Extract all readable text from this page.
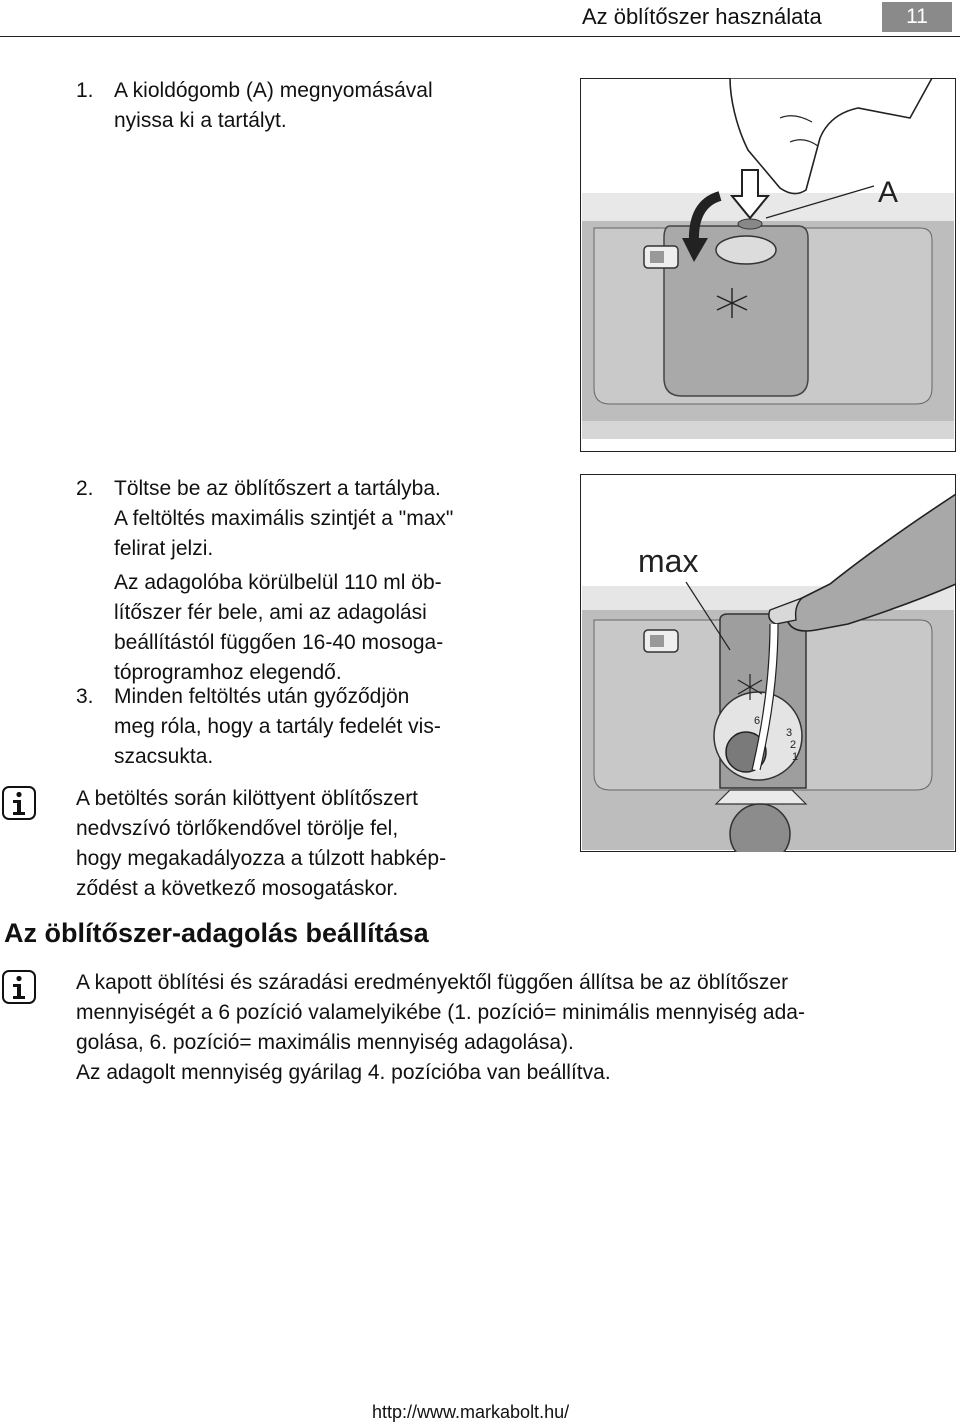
Az öblítőszer használata	11
1. A kioldógomb (A) megnyomásával
nyissa ki a tartályt.
2. Töltse be az öblítőszert a tartályba.
A feltöltés maximális szintjét a "max"
felirat jelzi.
Az adagolóba körülbelül 110 ml öb-
lítőszer fér bele, ami az adagolási
beállítástól függően 16-40 mosoga-
tóprogramhoz elegendő.
3. Minden feltöltés után győződjön
meg róla, hogy a tartály fedelét vis-
szacsukta.
A betöltés során kilöttyent öblítőszert
nedvszívó törlőkendővel törölje fel,
hogy megakadályozza a túlzott habkép-
ződést a következő mosogatáskor.
Az öblítőszer-adagolás beállítása
A kapott öblítési és száradási eredményektől függően állítsa be az öblítőszer
mennyiségét a 6 pozíció valamelyikébe (1. pozíció= minimális mennyiség ada-
golása, 6. pozíció= maximális mennyiség adagolása).
Az adagolt mennyiség gyárilag 4. pozícióba van beállítva.
A
max
6
3
2
1
http://www.markabolt.hu/
